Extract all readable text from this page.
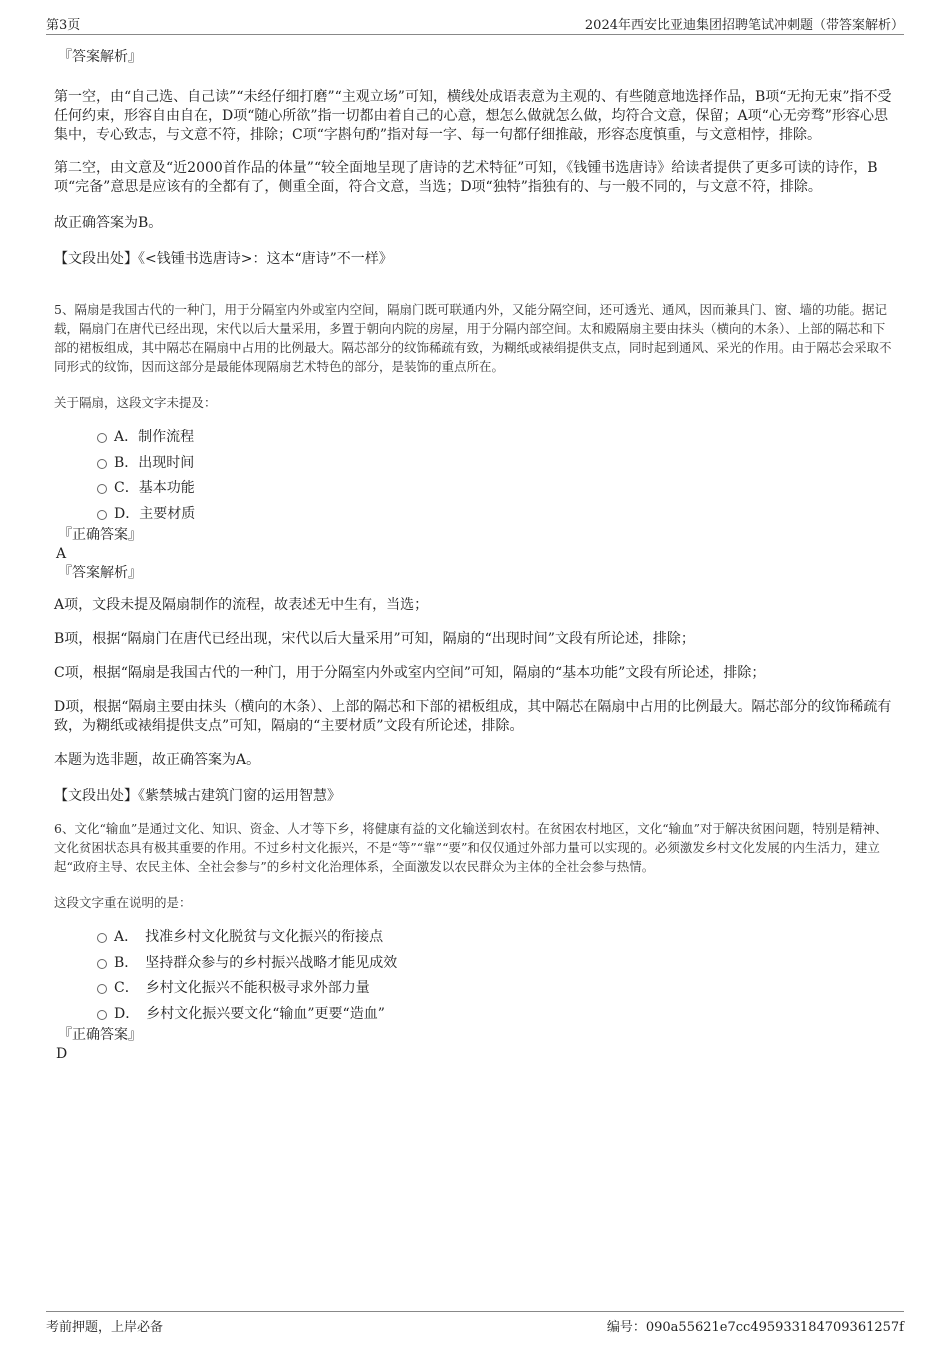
第3页	2024年西安比亚迪集团招聘笔试冲刺题（带答案解析）

『答案解析』

第一空，由“自己选、自己读”“未经仔细打磨”“主观立场”可知，横线处成语表意为主观的、有些随意地选择作品，B项“无拘无束”指不受任何约束，形容自由自在，D项“随心所欲”指一切都由着自己的心意，想怎么做就怎么做，均符合文意，保留；A项“心无旁骛”形容心思集中，专心致志，与文意不符，排除；C项“字斟句酌”指对每一字、每一句都仔细推敲，形容态度慎重，与文意相悖，排除。

第二空，由文意及“近2000首作品的体量”“较全面地呈现了唐诗的艺术特征”可知，《钱锺书选唐诗》给读者提供了更多可读的诗作，B项“完备”意思是应该有的全都有了，侧重全面，符合文意，当选；D项“独特”指独有的、与一般不同的，与文意不符，排除。

故正确答案为B。

【文段出处】《<钱锺书选唐诗>：这本“唐诗”不一样》

5、隔扇是我国古代的一种门，用于分隔室内外或室内空间，隔扇门既可联通内外，又能分隔空间，还可透光、通风，因而兼具门、窗、墙的功能。据记载，隔扇门在唐代已经出现，宋代以后大量采用，多置于朝向内院的房屋，用于分隔内部空间。太和殿隔扇主要由抹头（横向的木条）、上部的隔芯和下部的裙板组成，其中隔芯在隔扇中占用的比例最大。隔芯部分的纹饰稀疏有致，为糊纸或裱绢提供支点，同时起到通风、采光的作用。由于隔芯会采取不同形式的纹饰，因而这部分是最能体现隔扇艺术特色的部分，是装饰的重点所在。

关于隔扇，这段文字未提及：

A．制作流程
B．出现时间
C．基本功能
D．主要材质

『正确答案』

A

『答案解析』

A项，文段未提及隔扇制作的流程，故表述无中生有，当选；

B项，根据“隔扇门在唐代已经出现，宋代以后大量采用”可知，隔扇的“出现时间”文段有所论述，排除；

C项，根据“隔扇是我国古代的一种门，用于分隔室内外或室内空间”可知，隔扇的“基本功能”文段有所论述，排除；

D项，根据“隔扇主要由抹头（横向的木条）、上部的隔芯和下部的裙板组成，其中隔芯在隔扇中占用的比例最大。隔芯部分的纹饰稀疏有致，为糊纸或裱绢提供支点”可知，隔扇的“主要材质”文段有所论述，排除。

本题为选非题，故正确答案为A。

【文段出处】《紫禁城古建筑门窗的运用智慧》

6、文化“输血”是通过文化、知识、资金、人才等下乡，将健康有益的文化输送到农村。在贫困农村地区，文化“输血”对于解决贫困问题，特别是精神、文化贫困状态具有极其重要的作用。不过乡村文化振兴，不是“等”“靠”“要”和仅仅通过外部力量可以实现的。必须激发乡村文化发展的内生活力，建立起“政府主导、农民主体、全社会参与”的乡村文化治理体系，全面激发以农民群众为主体的全社会参与热情。

这段文字重在说明的是：

A．　找准乡村文化脱贫与文化振兴的衔接点
B．　坚持群众参与的乡村振兴战略才能见成效
C．　乡村文化振兴不能积极寻求外部力量
D．　乡村文化振兴要文化“输血”更要“造血”

『正确答案』

D

考前押题，上岸必备	编号：090a55621e7cc495933184709361257f
